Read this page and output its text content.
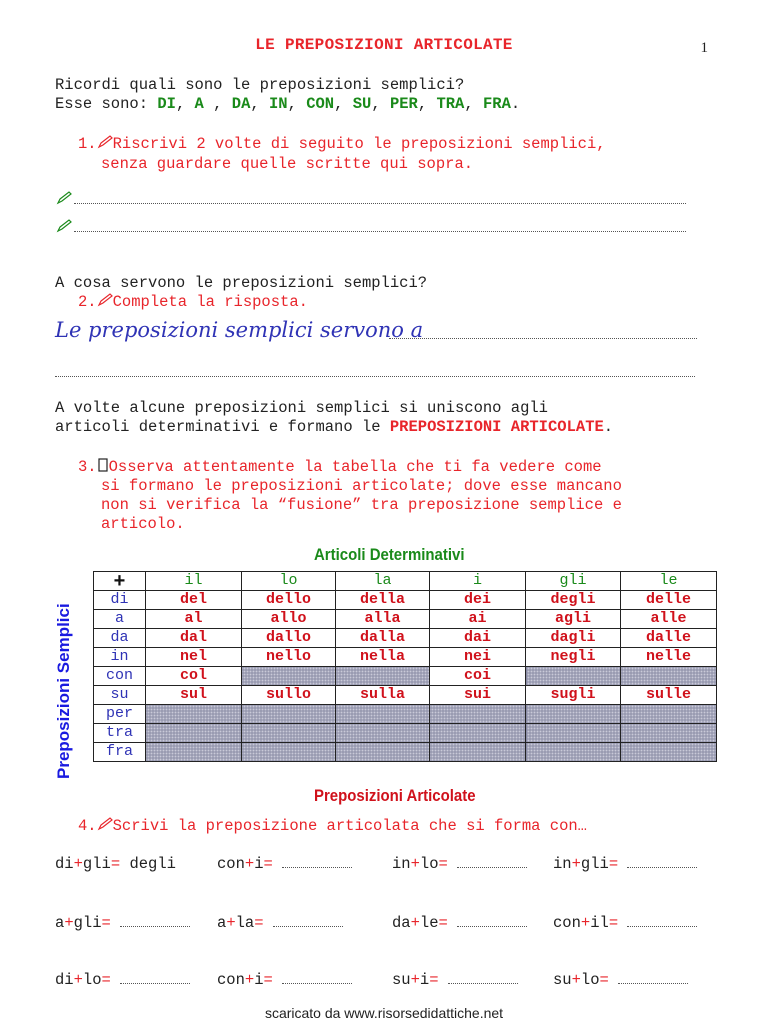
LE PREPOSIZIONI ARTICOLATE	1
Ricordi quali sono le preposizioni semplici?
Esse sono: DI, A , DA, IN, CON, SU, PER, TRA, FRA.
1. Riscrivi 2 volte di seguito le preposizioni semplici,
senza guardare quelle scritte qui sopra.
A cosa servono le preposizioni semplici?
2. Completa la risposta.
Le preposizioni semplici servono a
A volte alcune preposizioni semplici si uniscono agli
articoli determinativi e formano le PREPOSIZIONI ARTICOLATE.
3. Osserva attentamente la tabella che ti fa vedere come
si formano le preposizioni articolate; dove esse mancano
non si verifica la “fusione” tra preposizione semplice e
articolo.
Articoli Determinativi
Preposizioni Semplici
+	il	lo	la	i	gli	le
di	del	dello	della	dei	degli	delle
a	al	allo	alla	ai	agli	alle
da	dal	dallo	dalla	dai	dagli	dalle
in	nel	nello	nella	nei	negli	nelle
con	col			coi		
su	sul	sullo	sulla	sui	sugli	sulle
per						
tra						
fra						
Preposizioni Articolate
4. Scrivi la preposizione articolata che si forma con…
di+gli= degli	con+i=	in+lo=	in+gli=
a+gli=	a+la=	da+le=	con+il=
di+lo=	con+i=	su+i=	su+lo=
scaricato da www.risorsedidattiche.net
